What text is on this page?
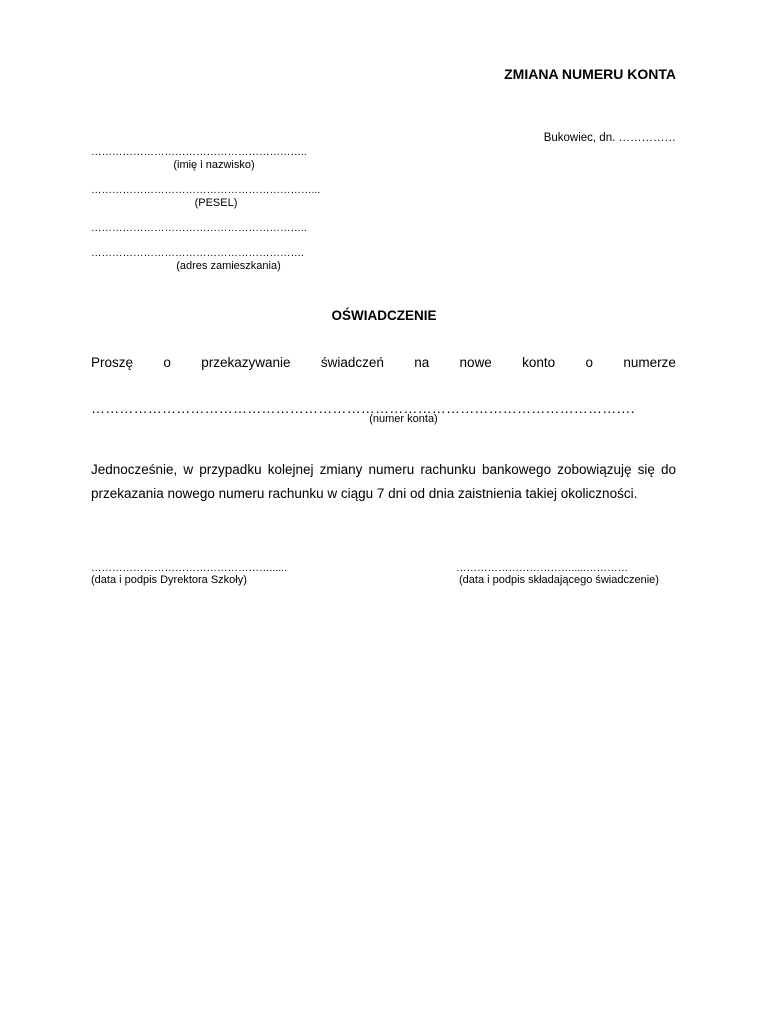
ZMIANA NUMERU KONTA
Bukowiec, dn. ……………
……………………………………………………..
(imię i nazwisko)
………………………………………………………...
(PESEL)
……………………………………………………..
…………………………………………………….
(adres zamieszkania)
OŚWIADCZENIE
Proszę o przekazywanie świadczeń na nowe konto o numerze
…………………………………………………………………………………………………….
(numer konta)
Jednocześnie, w przypadku kolejnej zmiany numeru rachunku bankowego zobowiązuję się do przekazania nowego numeru rachunku w ciągu 7 dni od dnia zaistnienia takiej okoliczności.
……………………………………………......
(data i podpis Dyrektora Szkoły)
…………………………….....…………
(data i podpis składającego świadczenie)
